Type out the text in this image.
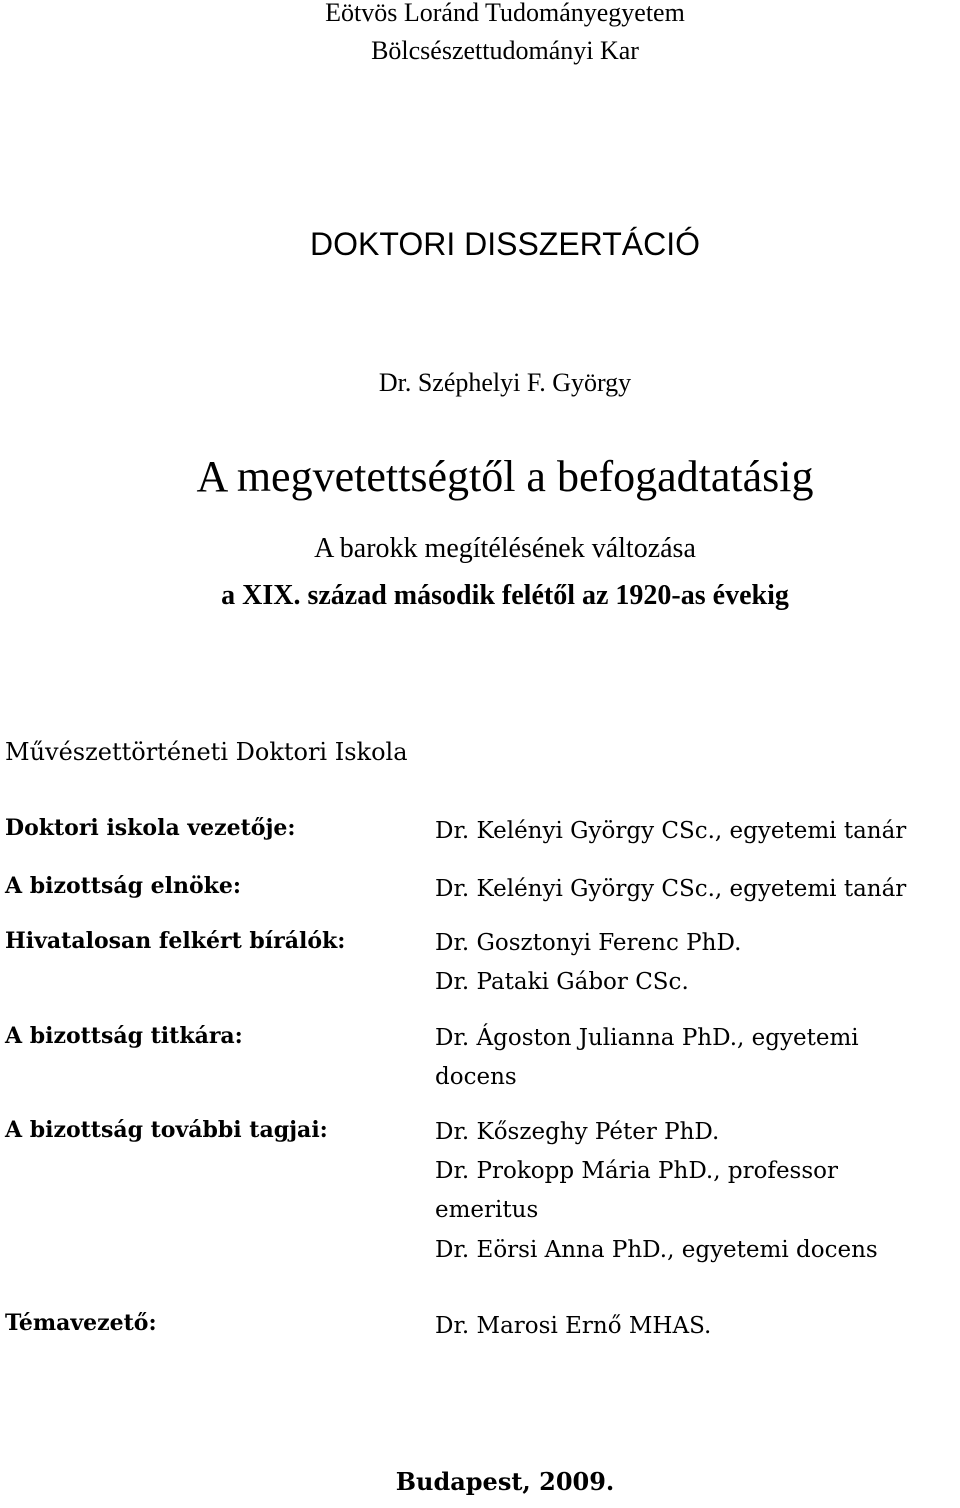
Eötvös Loránd Tudományegyetem
Bölcsészettudományi Kar
DOKTORI DISSZERTÁCIÓ
Dr. Széphelyi F. György
A megvetettségtől a befogadtatásig
A barokk megítélésének változása
a XIX. század második felétől az 1920-as évekig
Művészettörténeti Doktori Iskola
Doktori iskola vezetője:
A bizottság elnöke:
Hivatalosan felkért bírálók:
A bizottság titkára:
A bizottság további tagjai:
Témavezető:
Dr. Kelényi György CSc., egyetemi tanár
Dr. Kelényi György CSc., egyetemi tanár
Dr. Gosztonyi Ferenc PhD.
Dr. Pataki Gábor CSc.
Dr. Ágoston Julianna PhD., egyetemi
docens
Dr. Kőszeghy Péter PhD.
Dr. Prokopp Mária PhD., professor
emeritus
Dr. Eörsi Anna PhD., egyetemi docens
Dr. Marosi Ernő MHAS.
Budapest, 2009.
